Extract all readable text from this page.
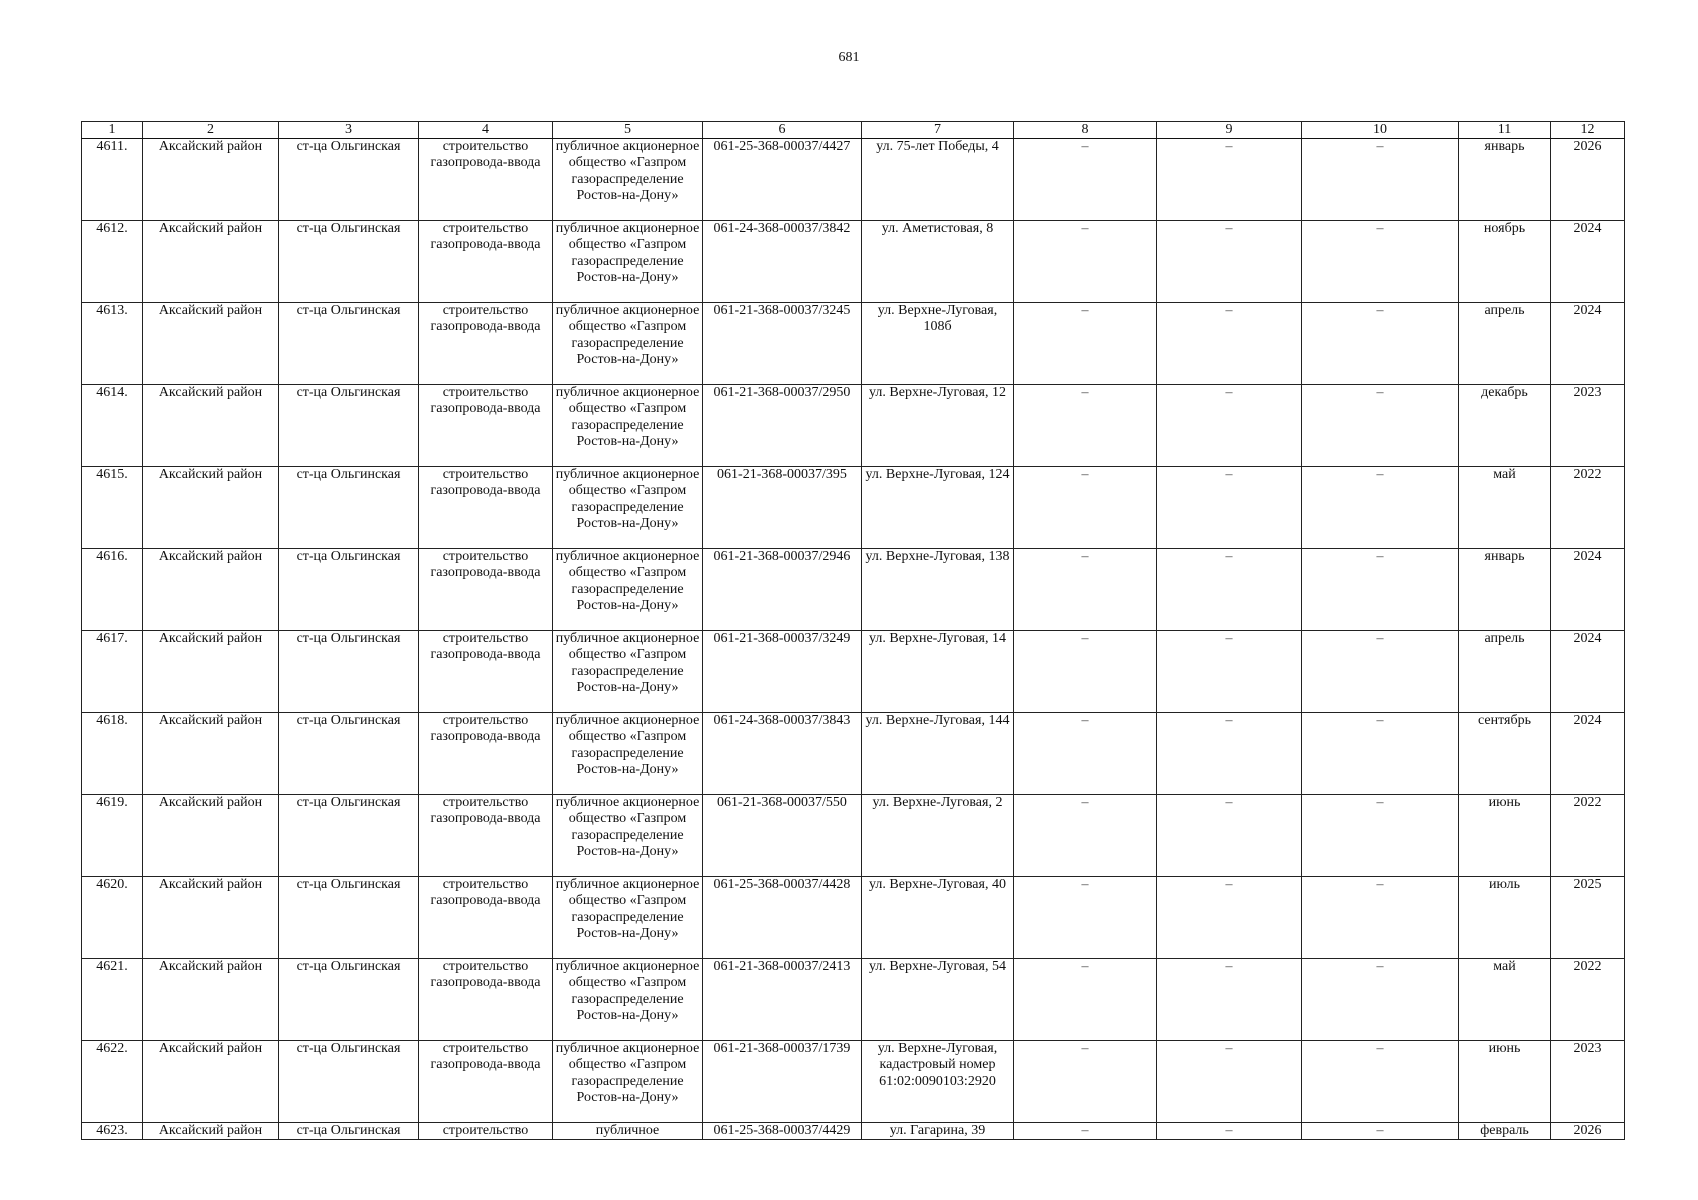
681
1	2	3	4	5	6	7	8	9	10	11	12
4611.	Аксайский район	ст-ца Ольгинская	строительство газопровода-ввода	публичное акционерное общество «Газпром газораспределение Ростов-на-Дону»	061-25-368-00037/4427	ул. 75-лет Победы, 4	–	–	–	январь	2026
4612.	Аксайский район	ст-ца Ольгинская	строительство газопровода-ввода	публичное акционерное общество «Газпром газораспределение Ростов-на-Дону»	061-24-368-00037/3842	ул. Аметистовая, 8	–	–	–	ноябрь	2024
4613.	Аксайский район	ст-ца Ольгинская	строительство газопровода-ввода	публичное акционерное общество «Газпром газораспределение Ростов-на-Дону»	061-21-368-00037/3245	ул. Верхне-Луговая, 108б	–	–	–	апрель	2024
4614.	Аксайский район	ст-ца Ольгинская	строительство газопровода-ввода	публичное акционерное общество «Газпром газораспределение Ростов-на-Дону»	061-21-368-00037/2950	ул. Верхне-Луговая, 12	–	–	–	декабрь	2023
4615.	Аксайский район	ст-ца Ольгинская	строительство газопровода-ввода	публичное акционерное общество «Газпром газораспределение Ростов-на-Дону»	061-21-368-00037/395	ул. Верхне-Луговая, 124	–	–	–	май	2022
4616.	Аксайский район	ст-ца Ольгинская	строительство газопровода-ввода	публичное акционерное общество «Газпром газораспределение Ростов-на-Дону»	061-21-368-00037/2946	ул. Верхне-Луговая, 138	–	–	–	январь	2024
4617.	Аксайский район	ст-ца Ольгинская	строительство газопровода-ввода	публичное акционерное общество «Газпром газораспределение Ростов-на-Дону»	061-21-368-00037/3249	ул. Верхне-Луговая, 14	–	–	–	апрель	2024
4618.	Аксайский район	ст-ца Ольгинская	строительство газопровода-ввода	публичное акционерное общество «Газпром газораспределение Ростов-на-Дону»	061-24-368-00037/3843	ул. Верхне-Луговая, 144	–	–	–	сентябрь	2024
4619.	Аксайский район	ст-ца Ольгинская	строительство газопровода-ввода	публичное акционерное общество «Газпром газораспределение Ростов-на-Дону»	061-21-368-00037/550	ул. Верхне-Луговая, 2	–	–	–	июнь	2022
4620.	Аксайский район	ст-ца Ольгинская	строительство газопровода-ввода	публичное акционерное общество «Газпром газораспределение Ростов-на-Дону»	061-25-368-00037/4428	ул. Верхне-Луговая, 40	–	–	–	июль	2025
4621.	Аксайский район	ст-ца Ольгинская	строительство газопровода-ввода	публичное акционерное общество «Газпром газораспределение Ростов-на-Дону»	061-21-368-00037/2413	ул. Верхне-Луговая, 54	–	–	–	май	2022
4622.	Аксайский район	ст-ца Ольгинская	строительство газопровода-ввода	публичное акционерное общество «Газпром газораспределение Ростов-на-Дону»	061-21-368-00037/1739	ул. Верхне-Луговая, кадастровый номер 61:02:0090103:2920	–	–	–	июнь	2023
4623.	Аксайский район	ст-ца Ольгинская	строительство	публичное	061-25-368-00037/4429	ул. Гагарина, 39	–	–	–	февраль	2026
